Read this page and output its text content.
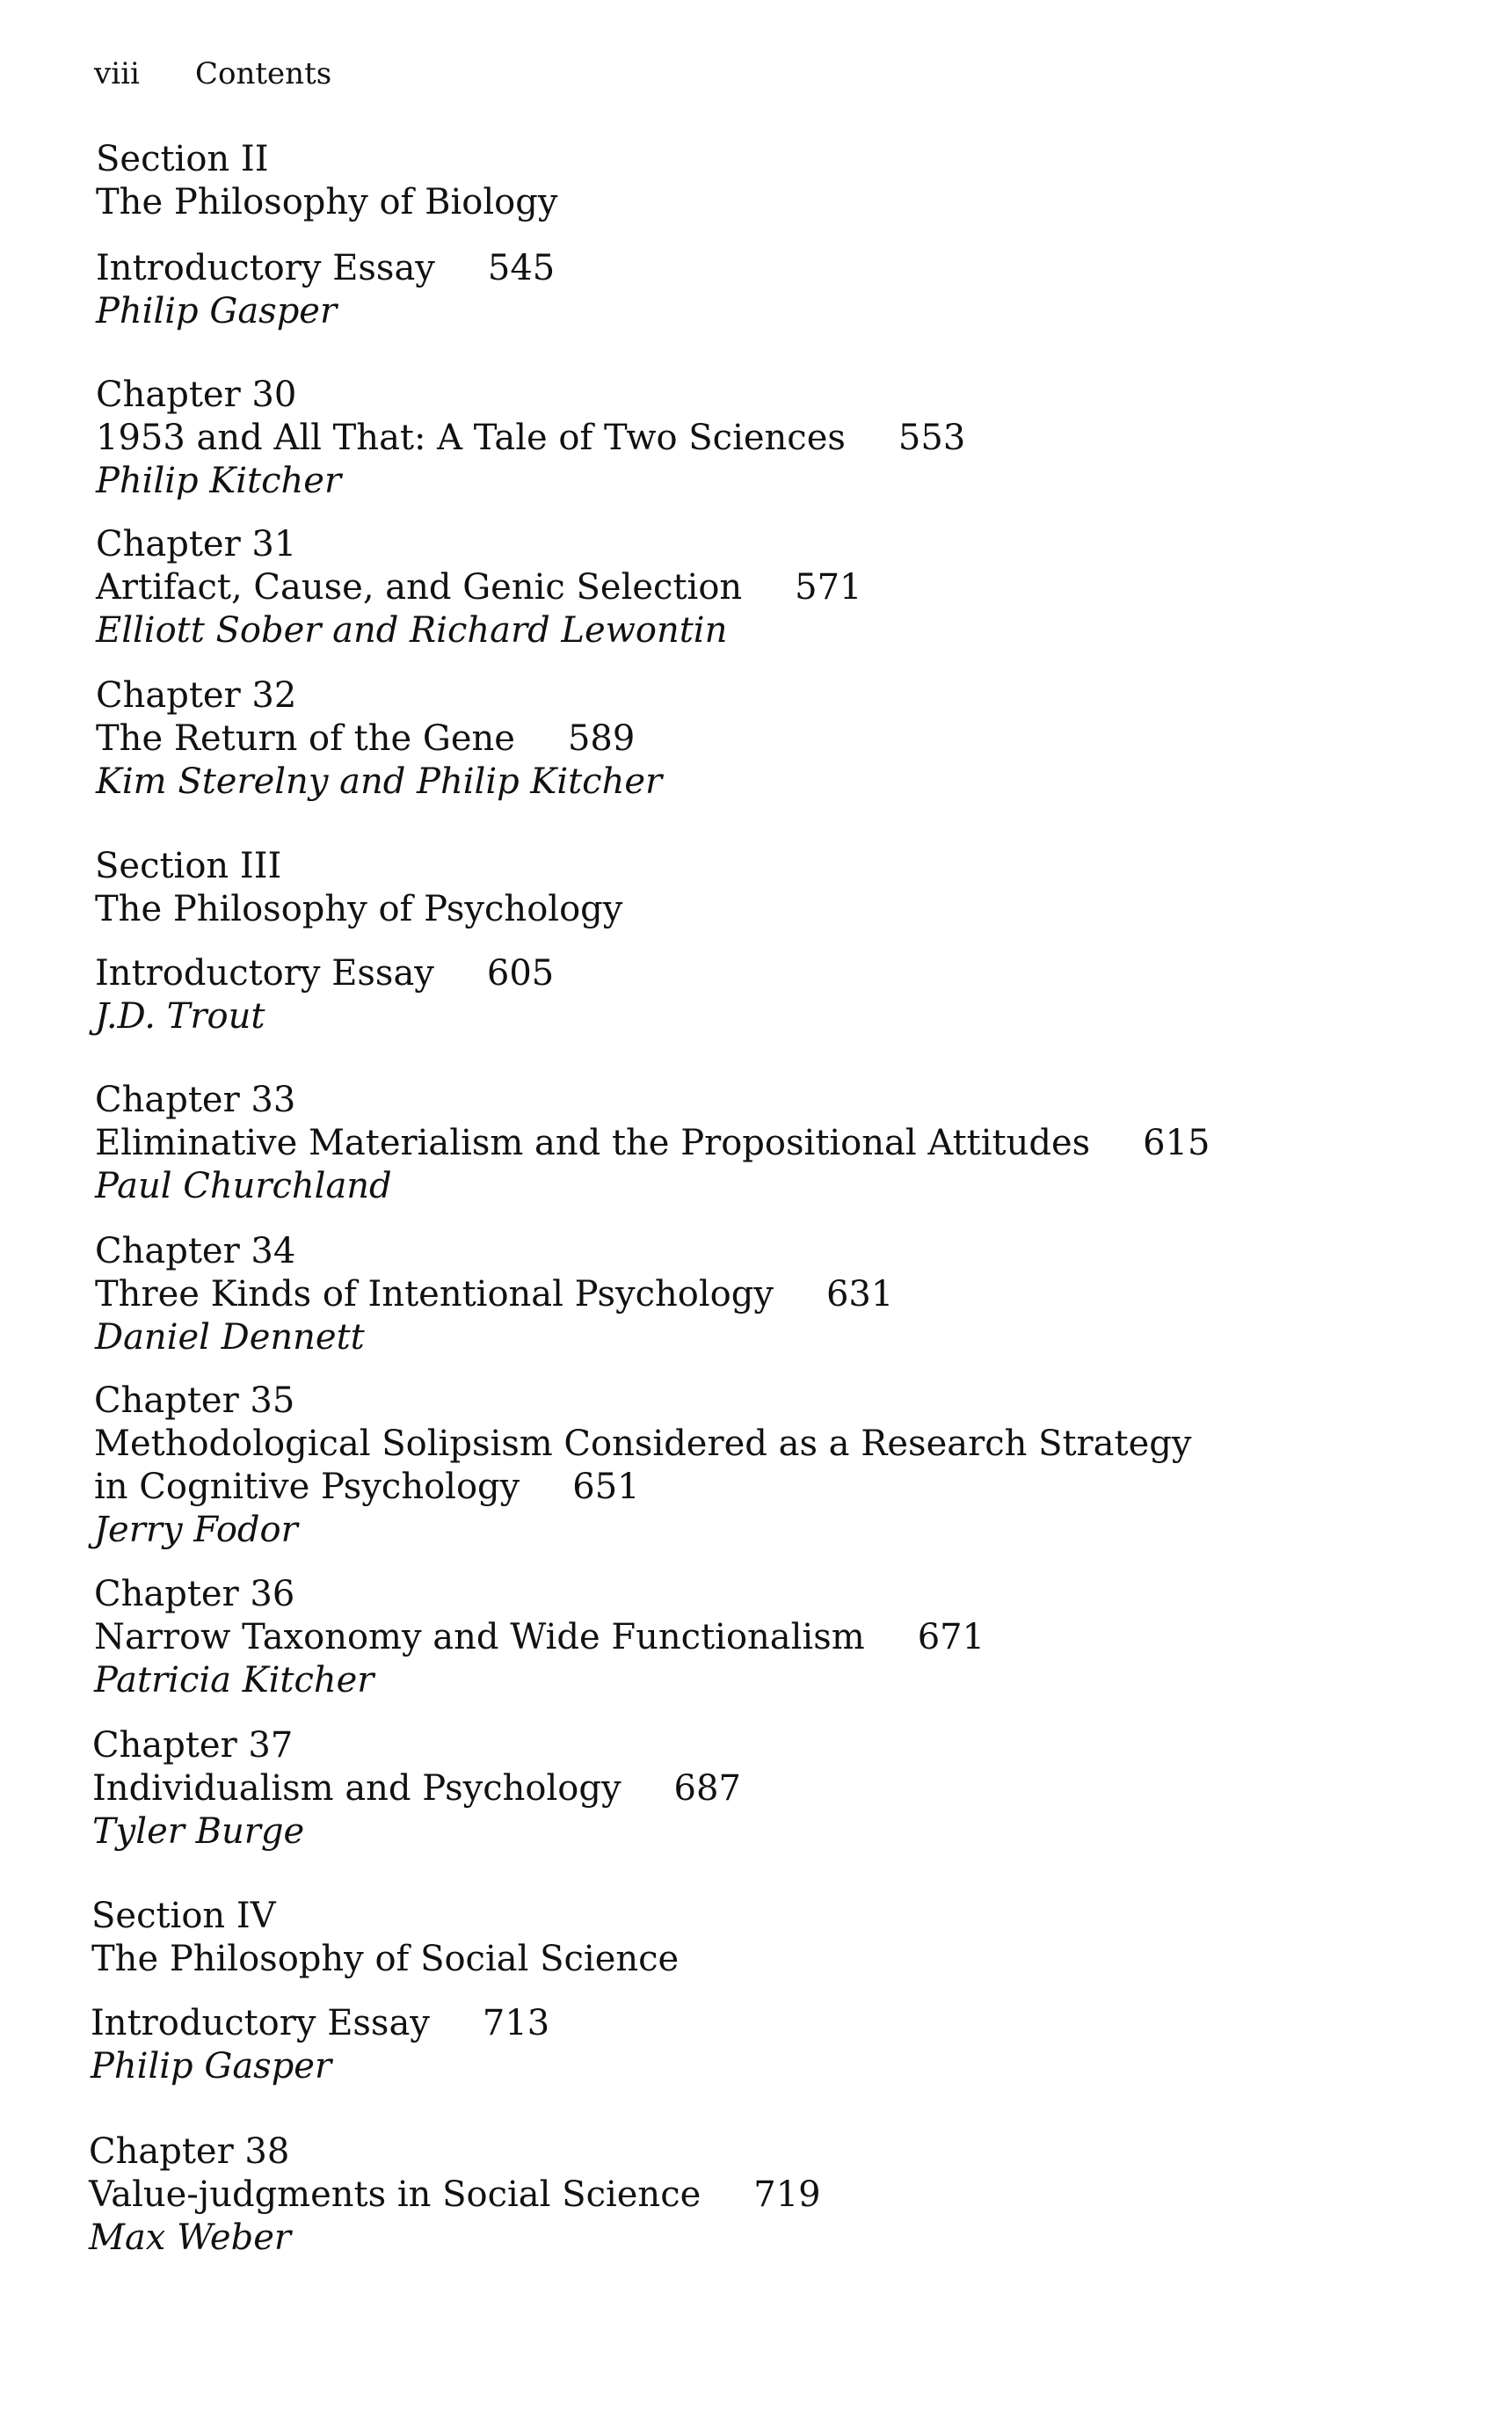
viii Contents
Section II
The Philosophy of Biology
Introductory Essay 545
Philip Gasper
Chapter 30
1953 and All That: A Tale of Two Sciences 553
Philip Kitcher
Chapter 31
Artifact, Cause, and Genic Selection 571
Elliott Sober and Richard Lewontin
Chapter 32
The Return of the Gene 589
Kim Sterelny and Philip Kitcher
Section III
The Philosophy of Psychology
Introductory Essay 605
J.D. Trout
Chapter 33
Eliminative Materialism and the Propositional Attitudes 615
Paul Churchland
Chapter 34
Three Kinds of Intentional Psychology 631
Daniel Dennett
Chapter 35
Methodological Solipsism Considered as a Research Strategy
in Cognitive Psychology 651
Jerry Fodor
Chapter 36
Narrow Taxonomy and Wide Functionalism 671
Patricia Kitcher
Chapter 37
Individualism and Psychology 687
Tyler Burge
Section IV
The Philosophy of Social Science
Introductory Essay 713
Philip Gasper
Chapter 38
Value-judgments in Social Science 719
Max Weber
